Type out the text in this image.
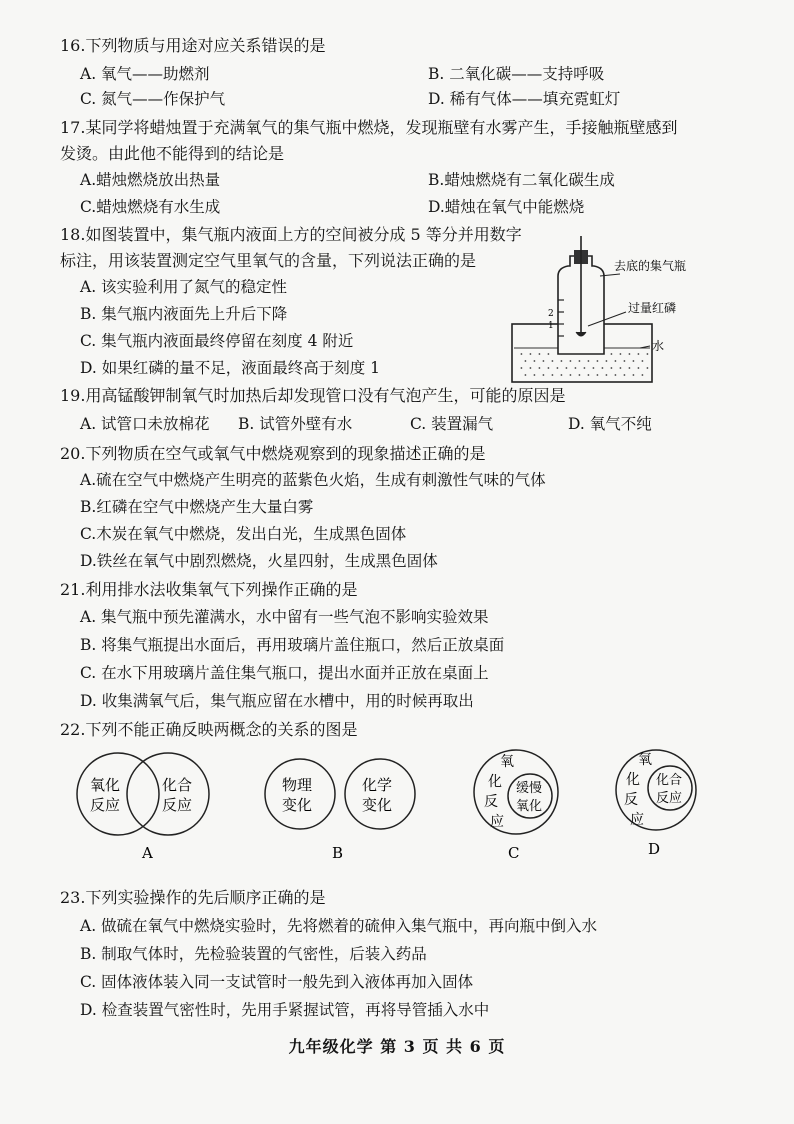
16.下列物质与用途对应关系错误的是
A. 氧气——助燃剂	B. 二氧化碳——支持呼吸
C. 氮气——作保护气	D. 稀有气体——填充霓虹灯
17.某同学将蜡烛置于充满氧气的集气瓶中燃烧，发现瓶壁有水雾产生，手接触瓶壁感到
发烫。由此他不能得到的结论是
A.蜡烛燃烧放出热量	B.蜡烛燃烧有二氧化碳生成
C.蜡烛燃烧有水生成	D.蜡烛在氧气中能燃烧
18.如图装置中，集气瓶内液面上方的空间被分成 5 等分并用数字
标注，用该装置测定空气里氧气的含量，下列说法正确的是
A. 该实验利用了氮气的稳定性
B. 集气瓶内液面先上升后下降
C. 集气瓶内液面最终停留在刻度 4 附近
D. 如果红磷的量不足，液面最终高于刻度 1
1
2
去底的集气瓶
过量红磷
水
19.用高锰酸钾制氧气时加热后却发现管口没有气泡产生，可能的原因是
A. 试管口未放棉花 B. 试管外壁有水	C. 装置漏气	D. 氧气不纯
20.下列物质在空气或氧气中燃烧观察到的现象描述正确的是
A.硫在空气中燃烧产生明亮的蓝紫色火焰，生成有刺激性气味的气体
B.红磷在空气中燃烧产生大量白雾
C.木炭在氧气中燃烧，发出白光，生成黑色固体
D.铁丝在氧气中剧烈燃烧，火星四射，生成黑色固体
21.利用排水法收集氧气下列操作正确的是
A. 集气瓶中预先灌满水，水中留有一些气泡不影响实验效果
B. 将集气瓶提出水面后，再用玻璃片盖住瓶口，然后正放桌面
C. 在水下用玻璃片盖住集气瓶口，提出水面并正放在桌面上
D. 收集满氧气后，集气瓶应留在水槽中，用的时候再取出
22.下列不能正确反映两概念的关系的图是
氧化
反应
化合
反应
A
物理
变化
化学
变化
B
氧
化
反
应
缓慢
氧化
C
氧
化
反
应
化合
反应
D
23.下列实验操作的先后顺序正确的是
A. 做硫在氧气中燃烧实验时，先将燃着的硫伸入集气瓶中，再向瓶中倒入水
B. 制取气体时，先检验装置的气密性，后装入药品
C. 固体液体装入同一支试管时一般先到入液体再加入固体
D. 检查装置气密性时，先用手紧握试管，再将导管插入水中
九年级化学 第 3 页 共 6 页
